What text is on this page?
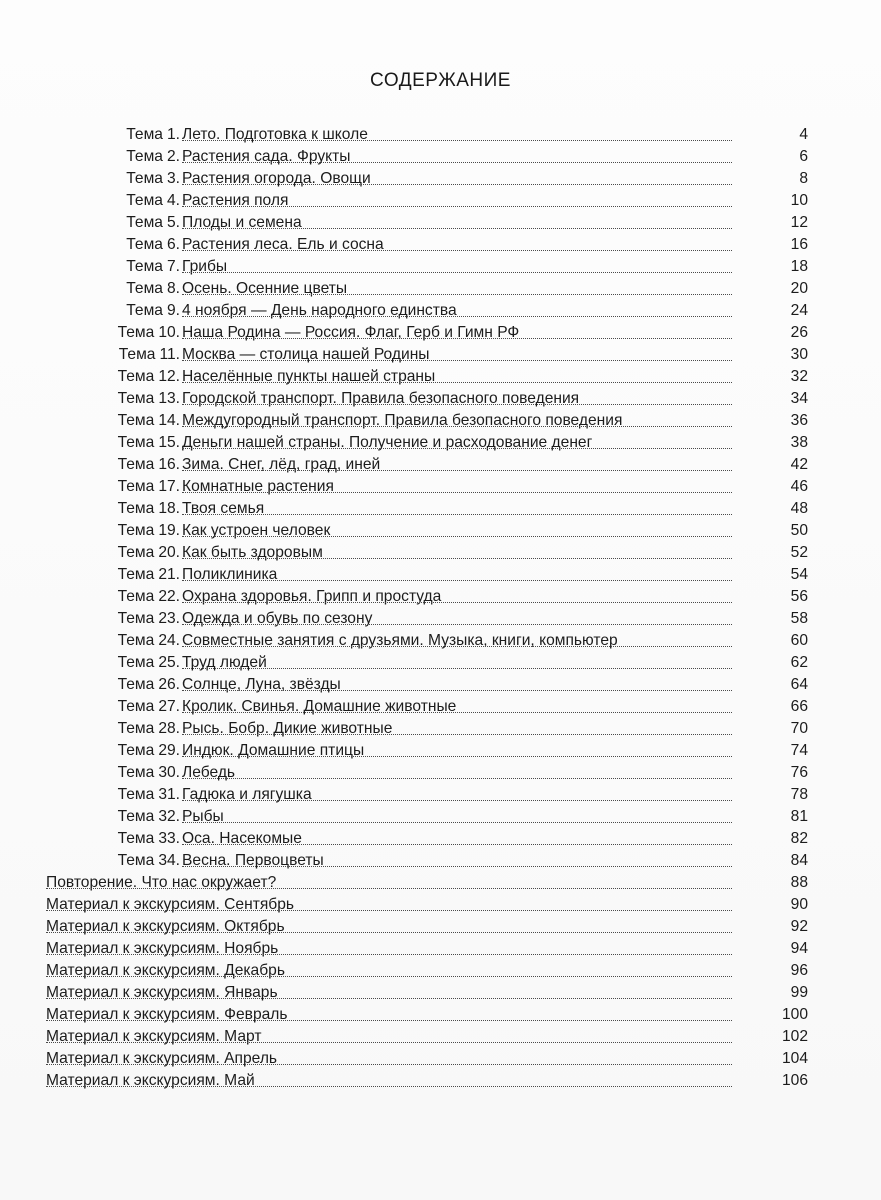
СОДЕРЖАНИЕ
Тема 1. Лето. Подготовка к школе	4
Тема 2. Растения сада. Фрукты	6
Тема 3. Растения огорода. Овощи	8
Тема 4. Растения поля	10
Тема 5. Плоды и семена	12
Тема 6. Растения леса. Ель и сосна	16
Тема 7. Грибы	18
Тема 8. Осень. Осенние цветы	20
Тема 9. 4 ноября — День народного единства	24
Тема 10. Наша Родина — Россия. Флаг, Герб и Гимн РФ	26
Тема 11. Москва — столица нашей Родины	30
Тема 12. Населённые пункты нашей страны	32
Тема 13. Городской транспорт. Правила безопасного поведения	34
Тема 14. Междугородный транспорт. Правила безопасного поведения	36
Тема 15. Деньги нашей страны. Получение и расходование денег	38
Тема 16. Зима. Снег, лёд, град, иней	42
Тема 17. Комнатные растения	46
Тема 18. Твоя семья	48
Тема 19. Как устроен человек	50
Тема 20. Как быть здоровым	52
Тема 21. Поликлиника	54
Тема 22. Охрана здоровья. Грипп и простуда	56
Тема 23. Одежда и обувь по сезону	58
Тема 24. Совместные занятия с друзьями. Музыка, книги, компьютер	60
Тема 25. Труд людей	62
Тема 26. Солнце, Луна, звёзды	64
Тема 27. Кролик. Свинья. Домашние животные	66
Тема 28. Рысь. Бобр. Дикие животные	70
Тема 29. Индюк. Домашние птицы	74
Тема 30. Лебедь	76
Тема 31. Гадюка и лягушка	78
Тема 32. Рыбы	81
Тема 33. Оса. Насекомые	82
Тема 34. Весна. Первоцветы	84
Повторение. Что нас окружает?	88
Материал к экскурсиям. Сентябрь	90
Материал к экскурсиям. Октябрь	92
Материал к экскурсиям. Ноябрь	94
Материал к экскурсиям. Декабрь	96
Материал к экскурсиям. Январь	99
Материал к экскурсиям. Февраль	100
Материал к экскурсиям. Март	102
Материал к экскурсиям. Апрель	104
Материал к экскурсиям. Май	106
